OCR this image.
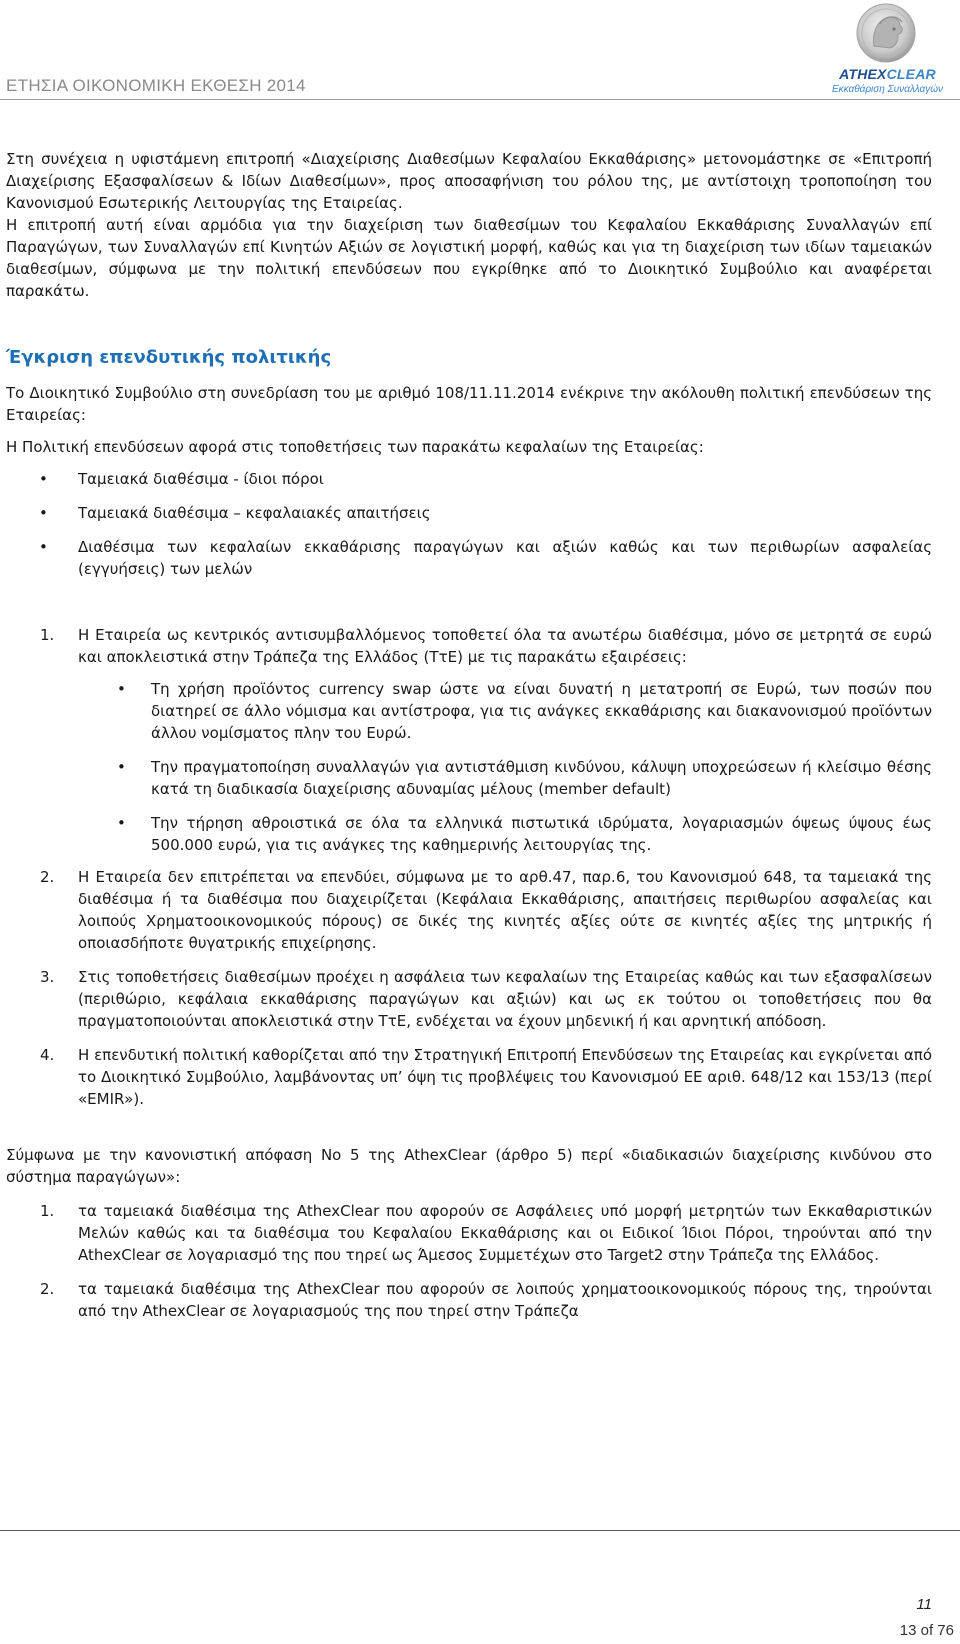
ΕΤΗΣΙΑ ΟΙΚΟΝΟΜΙΚΗ ΕΚΘΕΣΗ 2014
ATHEXCLEAR
Εκκαθάριση Συναλλαγών

Στη συνέχεια η υφιστάμενη επιτροπή «Διαχείρισης Διαθεσίμων Κεφαλαίου Εκκαθάρισης» μετονομάστηκε σε «Επιτροπή Διαχείρισης Εξασφαλίσεων & Ιδίων Διαθεσίμων», προς αποσαφήνιση του ρόλου της, με αντίστοιχη τροποποίηση του Κανονισμού Εσωτερικής Λειτουργίας της Εταιρείας.

Η επιτροπή αυτή είναι αρμόδια για την διαχείριση των διαθεσίμων του Κεφαλαίου Εκκαθάρισης Συναλλαγών επί Παραγώγων, των Συναλλαγών επί Κινητών Αξιών σε λογιστική μορφή, καθώς και για τη διαχείριση των ιδίων ταμειακών διαθεσίμων, σύμφωνα με την πολιτική επενδύσεων που εγκρίθηκε από το Διοικητικό Συμβούλιο και αναφέρεται παρακάτω.

Έγκριση επενδυτικής πολιτικής

Το Διοικητικό Συμβούλιο στη συνεδρίαση του με αριθμό 108/11.11.2014 ενέκρινε την ακόλουθη πολιτική επενδύσεων της Εταιρείας:

Η Πολιτική επενδύσεων αφορά στις τοποθετήσεις των παρακάτω κεφαλαίων της Εταιρείας:

• Ταμειακά διαθέσιμα - ίδιοι πόροι
• Ταμειακά διαθέσιμα – κεφαλαιακές απαιτήσεις
• Διαθέσιμα των κεφαλαίων εκκαθάρισης παραγώγων και αξιών καθώς και των περιθωρίων ασφαλείας (εγγυήσεις) των μελών
1. Η Εταιρεία ως κεντρικός αντισυμβαλλόμενος τοποθετεί όλα τα ανωτέρω διαθέσιμα, μόνο σε μετρητά σε ευρώ και αποκλειστικά στην Τράπεζα της Ελλάδος (ΤτΕ) με τις παρακάτω εξαιρέσεις:
• Τη χρήση προϊόντος currency swap ώστε να είναι δυνατή η μετατροπή σε Ευρώ, των ποσών που διατηρεί σε άλλο νόμισμα και αντίστροφα, για τις ανάγκες εκκαθάρισης και διακανονισμού προϊόντων άλλου νομίσματος πλην του Ευρώ.
• Την πραγματοποίηση συναλλαγών για αντιστάθμιση κινδύνου, κάλυψη υποχρεώσεων ή κλείσιμο θέσης κατά τη διαδικασία διαχείρισης αδυναμίας μέλους (member default)
• Την τήρηση αθροιστικά σε όλα τα ελληνικά πιστωτικά ιδρύματα, λογαριασμών όψεως ύψους έως 500.000 ευρώ, για τις ανάγκες της καθημερινής λειτουργίας της.
2. Η Εταιρεία δεν επιτρέπεται να επενδύει, σύμφωνα με το αρθ.47, παρ.6, του Κανονισμού 648, τα ταμειακά της διαθέσιμα ή τα διαθέσιμα που διαχειρίζεται (Κεφάλαια Εκκαθάρισης, απαιτήσεις περιθωρίου ασφαλείας και λοιπούς Χρηματοοικονομικούς πόρους) σε δικές της κινητές αξίες ούτε σε κινητές αξίες της μητρικής ή οποιασδήποτε θυγατρικής επιχείρησης.
3. Στις τοποθετήσεις διαθεσίμων προέχει η ασφάλεια των κεφαλαίων της Εταιρείας καθώς και των εξασφαλίσεων (περιθώριο, κεφάλαια εκκαθάρισης παραγώγων και αξιών) και ως εκ τούτου οι τοποθετήσεις που θα πραγματοποιούνται αποκλειστικά στην ΤτΕ, ενδέχεται να έχουν μηδενική ή και αρνητική απόδοση.
4. Η επενδυτική πολιτική καθορίζεται από την Στρατηγική Επιτροπή Επενδύσεων της Εταιρείας και εγκρίνεται από το Διοικητικό Συμβούλιο, λαμβάνοντας υπ’ όψη τις προβλέψεις του Κανονισμού ΕΕ αριθ. 648/12 και 153/13 (περί «EMIR»).

Σύμφωνα με την κανονιστική απόφαση Νο 5 της AthexClear (άρθρο 5) περί «διαδικασιών διαχείρισης κινδύνου στο σύστημα παραγώγων»:

1. τα ταμειακά διαθέσιμα της AthexClear που αφορούν σε Ασφάλειες υπό μορφή μετρητών των Εκκαθαριστικών Μελών καθώς και τα διαθέσιμα του Κεφαλαίου Εκκαθάρισης και οι Ειδικοί Ίδιοι Πόροι, τηρούνται από την AthexClear σε λογαριασμό της που τηρεί ως Άμεσος Συμμετέχων στο Target2 στην Τράπεζα της Ελλάδος.
2. τα ταμειακά διαθέσιμα της AthexClear που αφορούν σε λοιπούς χρηματοοικονομικούς πόρους της, τηρούνται από την AthexClear σε λογαριασμούς της που τηρεί στην Τράπεζα
11
13 of 76
